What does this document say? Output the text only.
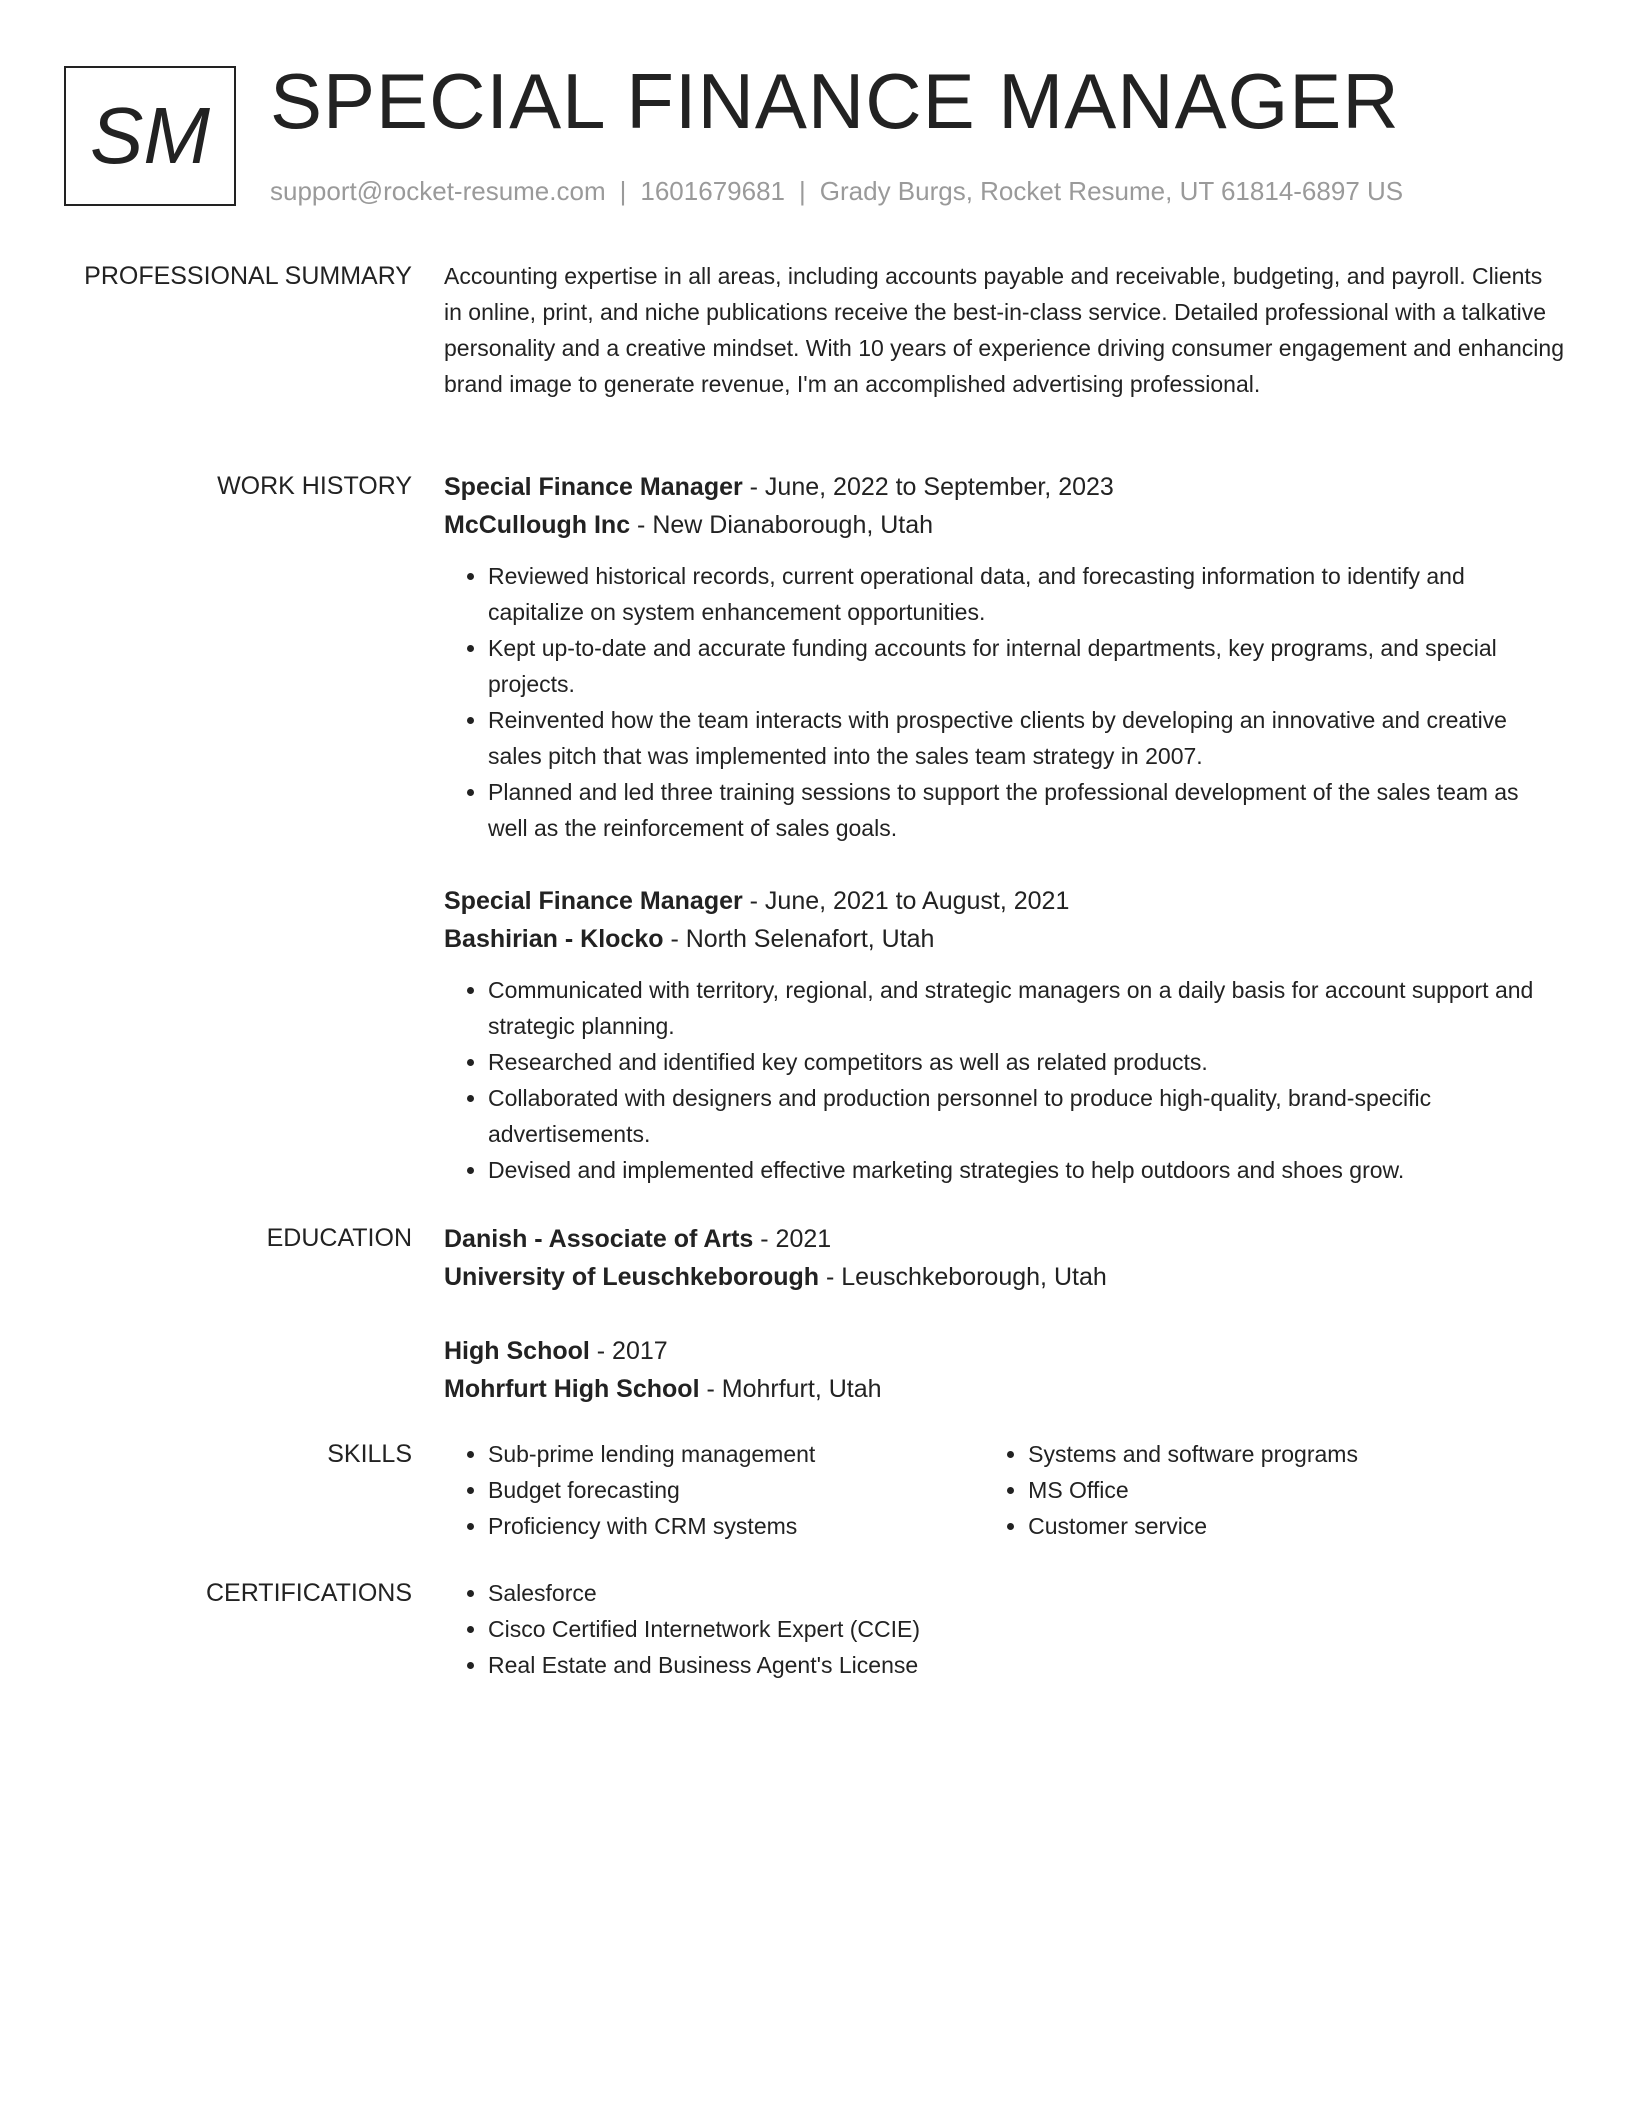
SM SPECIAL FINANCE MANAGER
support@rocket-resume.com | 1601679681 | Grady Burgs, Rocket Resume, UT 61814-6897 US
PROFESSIONAL SUMMARY Accounting expertise in all areas, including accounts payable and receivable, budgeting, and payroll. Clients in online, print, and niche publications receive the best-in-class service. Detailed professional with a talkative personality and a creative mindset. With 10 years of experience driving consumer engagement and enhancing brand image to generate revenue, I'm an accomplished advertising professional.

WORK HISTORY Special Finance Manager - June, 2022 to September, 2023

McCullough Inc - New Dianaborough, Utah

• Reviewed historical records, current operational data, and forecasting information to identify and capitalize on system enhancement opportunities.
• Kept up-to-date and accurate funding accounts for internal departments, key programs, and special projects.
• Reinvented how the team interacts with prospective clients by developing an innovative and creative sales pitch that was implemented into the sales team strategy in 2007.
• Planned and led three training sessions to support the professional development of the sales team as well as the reinforcement of sales goals.

Special Finance Manager - June, 2021 to August, 2021

Bashirian - Klocko - North Selenafort, Utah

• Communicated with territory, regional, and strategic managers on a daily basis for account support and strategic planning.
• Researched and identified key competitors as well as related products.
• Collaborated with designers and production personnel to produce high-quality, brand-specific advertisements.
• Devised and implemented effective marketing strategies to help outdoors and shoes grow.
EDUCATION Danish - Associate of Arts - 2021

University of Leuschkeborough - Leuschkeborough, Utah

High School - 2017

Mohrfurt High School - Mohrfurt, Utah

SKILLS	• Sub-prime lending management
• Budget forecasting
• Proficiency with CRM systems
• Systems and software programs
• MS Office
• Customer service
CERTIFICATIONS	• Salesforce
• Cisco Certified Internetwork Expert (CCIE)
• Real Estate and Business Agent's License
